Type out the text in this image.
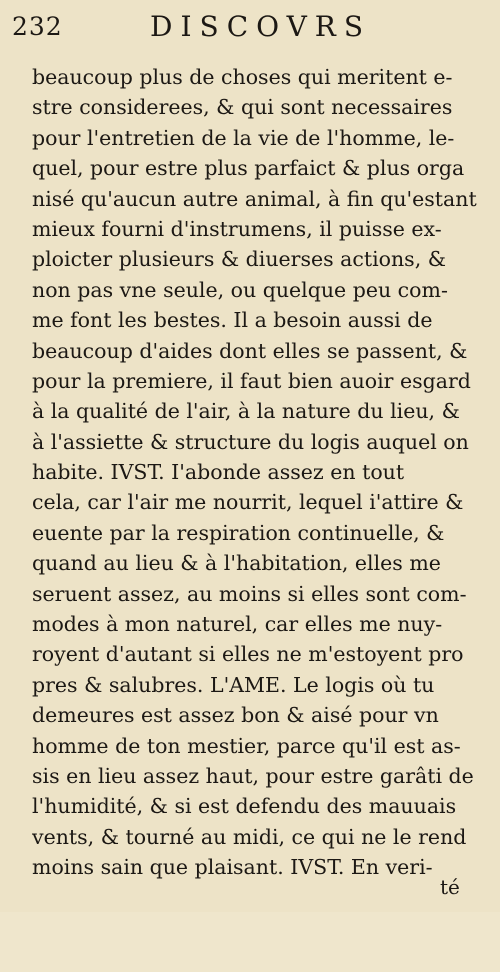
232	DISCOVRS
beaucoup plus de choses qui meritent e-
stre considerees, & qui sont necessaires
pour l'entretien de la vie de l'homme, le-
quel, pour estre plus parfaict & plus orga
nisé qu'aucun autre animal, à fin qu'estant
mieux fourni d'instrumens, il puisse ex-
ploicter plusieurs & diuerses actions, &
non pas vne seule, ou quelque peu com-
me font les bestes. Il a besoin aussi de
beaucoup d'aides dont elles se passent, &
pour la premiere, il faut bien auoir esgard
à la qualité de l'air, à la nature du lieu, &
à l'assiette & structure du logis auquel on
habite. IVST. I'abonde assez en tout
cela, car l'air me nourrit, lequel i'attire &
euente par la respiration continuelle, &
quand au lieu & à l'habitation, elles me
seruent assez, au moins si elles sont com-
modes à mon naturel, car elles me nuy-
royent d'autant si elles ne m'estoyent pro
pres & salubres. L'AME. Le logis où tu
demeures est assez bon & aisé pour vn
homme de ton mestier, parce qu'il est as-
sis en lieu assez haut, pour estre garâti de
l'humidité, & si est defendu des mauuais
vents, & tourné au midi, ce qui ne le rend
moins sain que plaisant. IVST. En veri-
té
